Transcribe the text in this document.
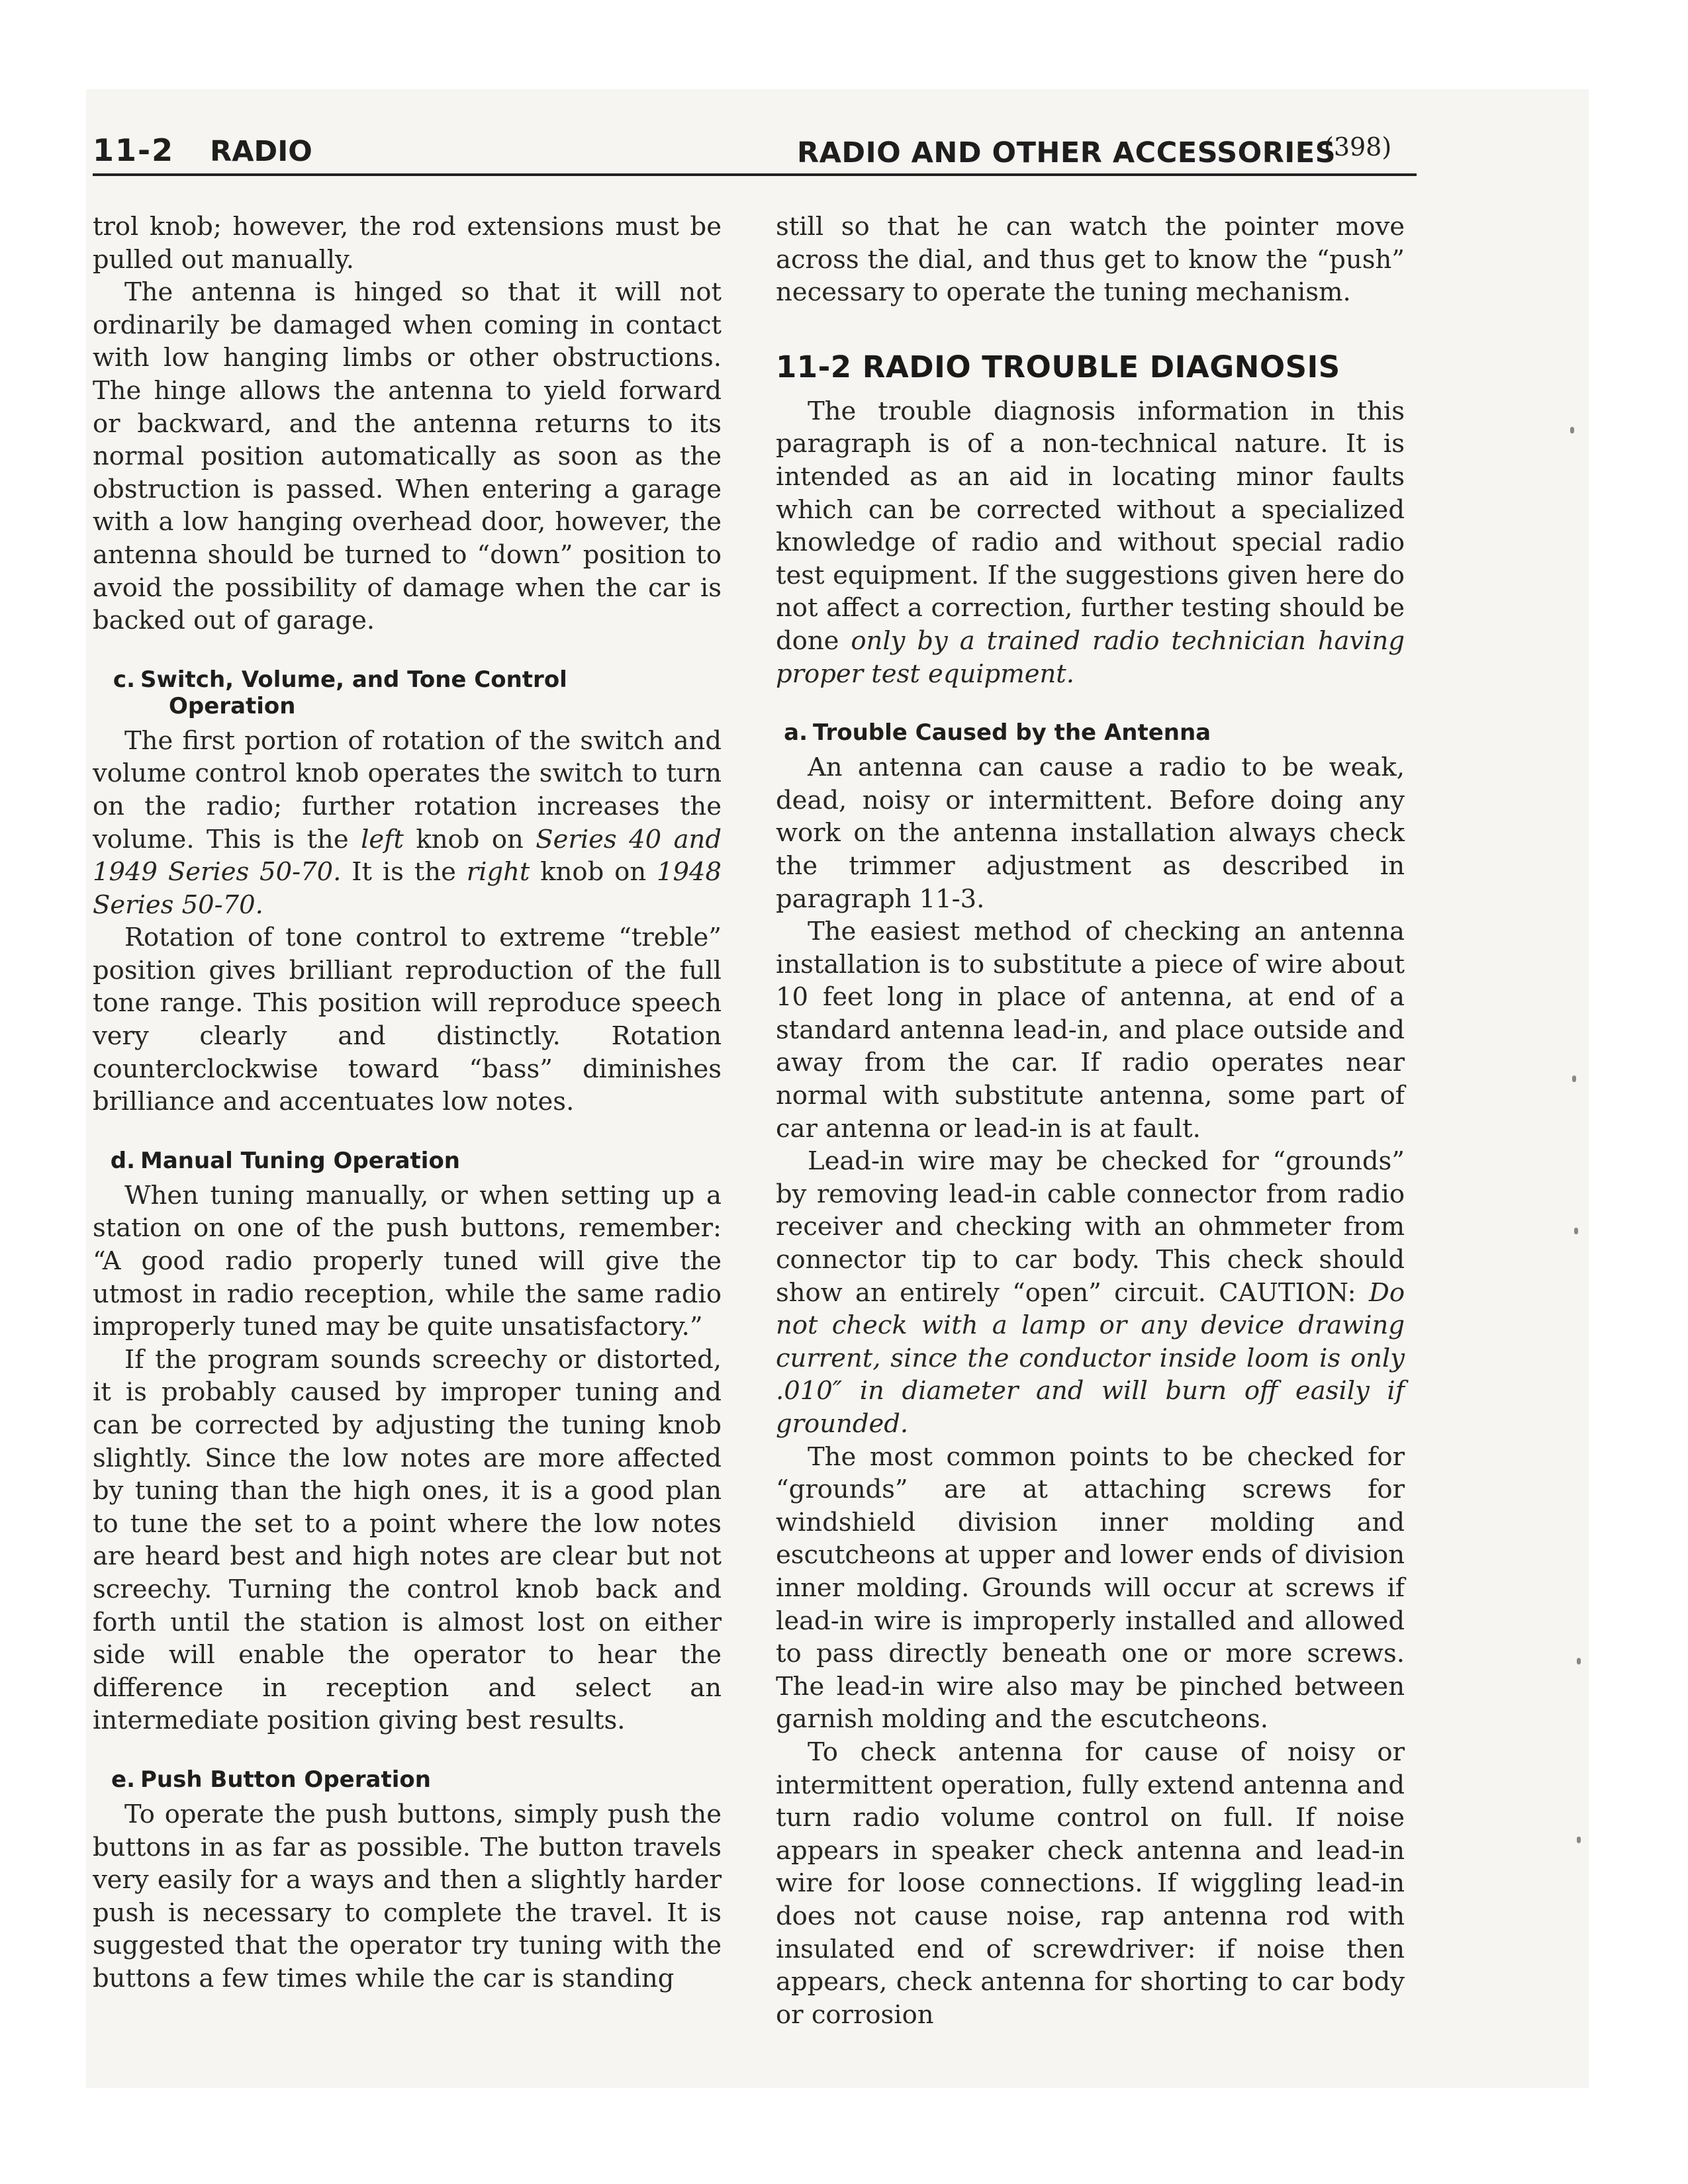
11-2 RADIO	RADIO AND OTHER ACCESSORIES
(398)

trol knob; however, the rod extensions must be pulled out manually.

The antenna is hinged so that it will not ordinarily be damaged when coming in contact with low hanging limbs or other obstructions. The hinge allows the antenna to yield forward or backward, and the antenna returns to its normal position automatically as soon as the obstruction is passed. When entering a garage with a low hanging overhead door, however, the antenna should be turned to “down” position to avoid the possibility of damage when the car is backed out of garage.

c. Switch, Volume, and Tone Control
Operation

The first portion of rotation of the switch and volume control knob operates the switch to turn on the radio; further rotation increases the volume. This is the left knob on Series 40 and 1949 Series 50-70. It is the right knob on 1948 Series 50-70.

Rotation of tone control to extreme “treble” position gives brilliant reproduction of the full tone range. This position will reproduce speech very clearly and distinctly. Rotation counterclockwise toward “bass” diminishes brilliance and accentuates low notes.

d. Manual Tuning Operation

When tuning manually, or when setting up a station on one of the push buttons, remember: “A good radio properly tuned will give the utmost in radio reception, while the same radio improperly tuned may be quite unsatisfactory.”

If the program sounds screechy or distorted, it is probably caused by improper tuning and can be corrected by adjusting the tuning knob slightly. Since the low notes are more affected by tuning than the high ones, it is a good plan to tune the set to a point where the low notes are heard best and high notes are clear but not screechy. Turning the control knob back and forth until the station is almost lost on either side will enable the operator to hear the difference in reception and select an intermediate position giving best results.

e. Push Button Operation

To operate the push buttons, simply push the buttons in as far as possible. The button travels very easily for a ways and then a slightly harder push is necessary to complete the travel. It is suggested that the operator try tuning with the buttons a few times while the car is standing

still so that he can watch the pointer move across the dial, and thus get to know the “push” necessary to operate the tuning mechanism.

11-2 RADIO TROUBLE DIAGNOSIS

The trouble diagnosis information in this paragraph is of a non-technical nature. It is intended as an aid in locating minor faults which can be corrected without a specialized knowledge of radio and without special radio test equipment. If the suggestions given here do not affect a correction, further testing should be done only by a trained radio technician having proper test equipment.

a. Trouble Caused by the Antenna

An antenna can cause a radio to be weak, dead, noisy or intermittent. Before doing any work on the antenna installation always check the trimmer adjustment as described in paragraph 11-3.

The easiest method of checking an antenna installation is to substitute a piece of wire about 10 feet long in place of antenna, at end of a standard antenna lead-in, and place outside and away from the car. If radio operates near normal with substitute antenna, some part of car antenna or lead-in is at fault.

Lead-in wire may be checked for “grounds” by removing lead-in cable connector from radio receiver and checking with an ohmmeter from connector tip to car body. This check should show an entirely “open” circuit. CAUTION: Do not check with a lamp or any device drawing current, since the conductor inside loom is only .010″ in diameter and will burn off easily if grounded.

The most common points to be checked for “grounds” are at attaching screws for windshield division inner molding and escutcheons at upper and lower ends of division inner molding. Grounds will occur at screws if lead-in wire is improperly installed and allowed to pass directly beneath one or more screws. The lead-in wire also may be pinched between garnish molding and the escutcheons.

To check antenna for cause of noisy or intermittent operation, fully extend antenna and turn radio volume control on full. If noise appears in speaker check antenna and lead-in wire for loose connections. If wiggling lead-in does not cause noise, rap antenna rod with insulated end of screwdriver: if noise then appears, check antenna for shorting to car body or corrosion
